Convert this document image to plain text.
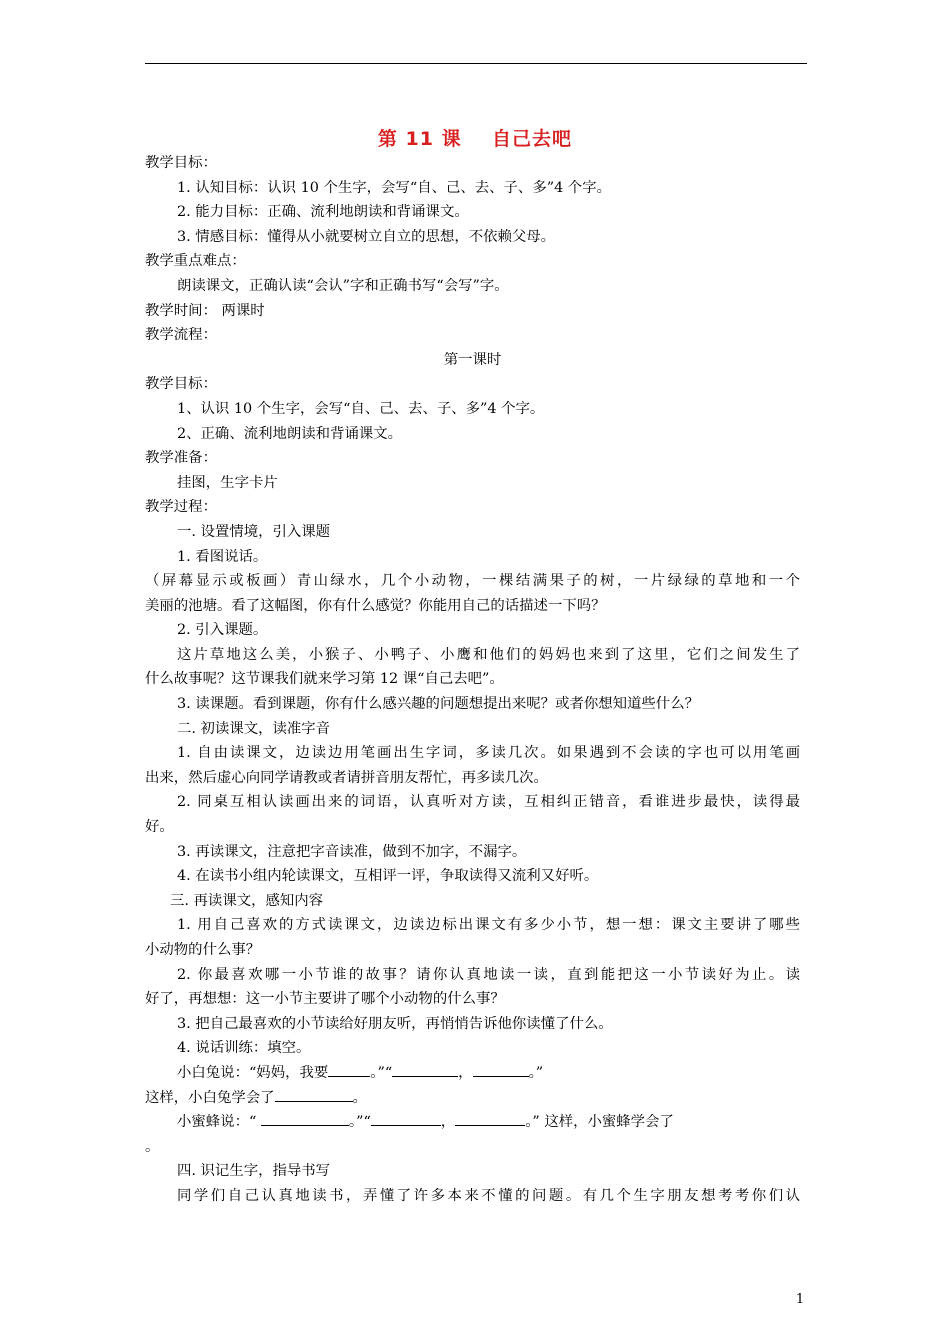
第 11 课    自己去吧
教学目标：
1. 认知目标：认识 10 个生字，会写“自、己、去、子、多”4 个字。
2. 能力目标：正确、流利地朗读和背诵课文。
3. 情感目标：懂得从小就要树立自立的思想，不依赖父母。
教学重点难点：
朗读课文，正确认读“会认”字和正确书写“会写”字。
教学时间： 两课时
教学流程：
第一课时
教学目标：
1、认识 10 个生字，会写“自、己、去、子、多”4 个字。
2、正确、流利地朗读和背诵课文。
教学准备：
挂图，生字卡片
教学过程：
一. 设置情境，引入课题
1. 看图说话。
（屏幕显示或板画）青山绿水，几个小动物，一棵结满果子的树，一片绿绿的草地和一个
美丽的池塘。看了这幅图，你有什么感觉？你能用自己的话描述一下吗？
2. 引入课题。
这片草地这么美，小猴子、小鸭子、小鹰和他们的妈妈也来到了这里，它们之间发生了
什么故事呢？这节课我们就来学习第 12 课“自己去吧”。
3. 读课题。看到课题，你有什么感兴趣的问题想提出来呢？或者你想知道些什么？
二. 初读课文，读准字音
1. 自由读课文，边读边用笔画出生字词，多读几次。如果遇到不会读的字也可以用笔画
出来，然后虚心向同学请教或者请拼音朋友帮忙，再多读几次。
2. 同桌互相认读画出来的词语，认真听对方读，互相纠正错音，看谁进步最快，读得最
好。
3. 再读课文，注意把字音读准，做到不加字，不漏字。
4. 在读书小组内轮读课文，互相评一评，争取读得又流利又好听。
三. 再读课文，感知内容
1. 用自己喜欢的方式读课文，边读边标出课文有多少小节，想一想：课文主要讲了哪些
小动物的什么事？
2. 你最喜欢哪一小节谁的故事？请你认真地读一读，直到能把这一小节读好为止。读
好了，再想想：这一小节主要讲了哪个小动物的什么事？
3. 把自己最喜欢的小节读给好朋友听，再悄悄告诉他你读懂了什么。
4. 说话训练：填空。
小白兔说：“妈妈，我要	。”“	，	。”
这样，小白兔学会了	。
小蜜蜂说：“	。”“	，	。” 这样，小蜜蜂学会了
。
四. 识记生字，指导书写
同学们自己认真地读书，弄懂了许多本来不懂的问题。有几个生字朋友想考考你们认
1
